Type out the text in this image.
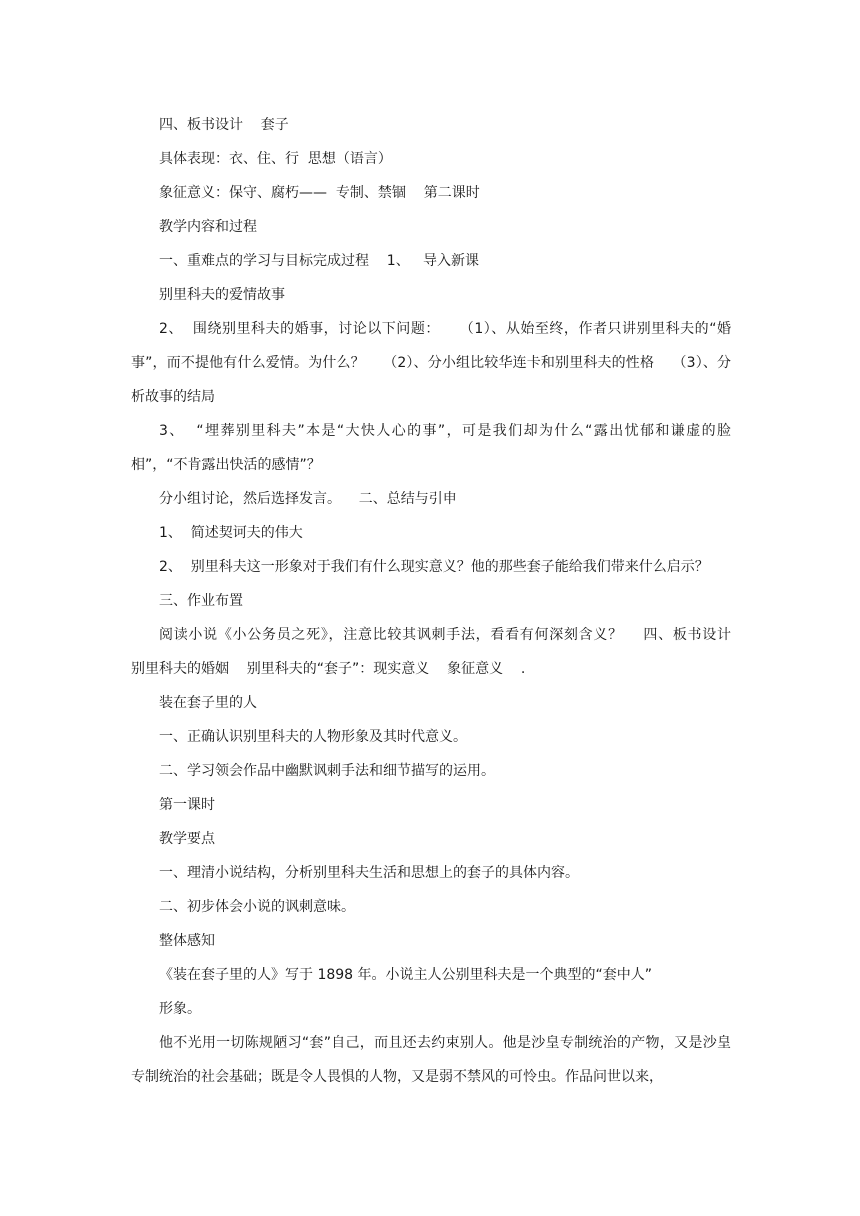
四、板书设计    套子

具体表现：衣、住、行  思想（语言）

象征意义：保守、腐朽——  专制、禁锢    第二课时

教学内容和过程

一、重难点的学习与目标完成过程    1、   导入新课

别里科夫的爱情故事

2、  围绕别里科夫的婚事，讨论以下问题：    （1）、从始至终，作者只讲别里科夫的“婚事”，而不提他有什么爱情。为什么？    （2）、分小组比较华连卡和别里科夫的性格    （3）、分析故事的结局

3、  “埋葬别里科夫”本是“大快人心的事”，可是我们却为什么“露出忧郁和谦虚的脸相”，“不肯露出快活的感情”？

分小组讨论，然后选择发言。    二、总结与引申

1、  简述契诃夫的伟大

2、  别里科夫这一形象对于我们有什么现实意义？他的那些套子能给我们带来什么启示？

三、作业布置

阅读小说《小公务员之死》，注意比较其讽刺手法，看看有何深刻含义？    四、板书设计    别里科夫的婚姻    别里科夫的“套子”：现实意义    象征意义    .

装在套子里的人

一、正确认识别里科夫的人物形象及其时代意义。

二、学习领会作品中幽默讽刺手法和细节描写的运用。

第一课时

教学要点

一、理清小说结构，分析别里科夫生活和思想上的套子的具体内容。

二、初步体会小说的讽刺意味。

整体感知

《装在套子里的人》写于 1898 年。小说主人公别里科夫是一个典型的“套中人”

形象。

他不光用一切陈规陋习“套”自己，而且还去约束别人。他是沙皇专制统治的产物，又是沙皇专制统治的社会基础；既是令人畏惧的人物，又是弱不禁风的可怜虫。作品问世以来，
